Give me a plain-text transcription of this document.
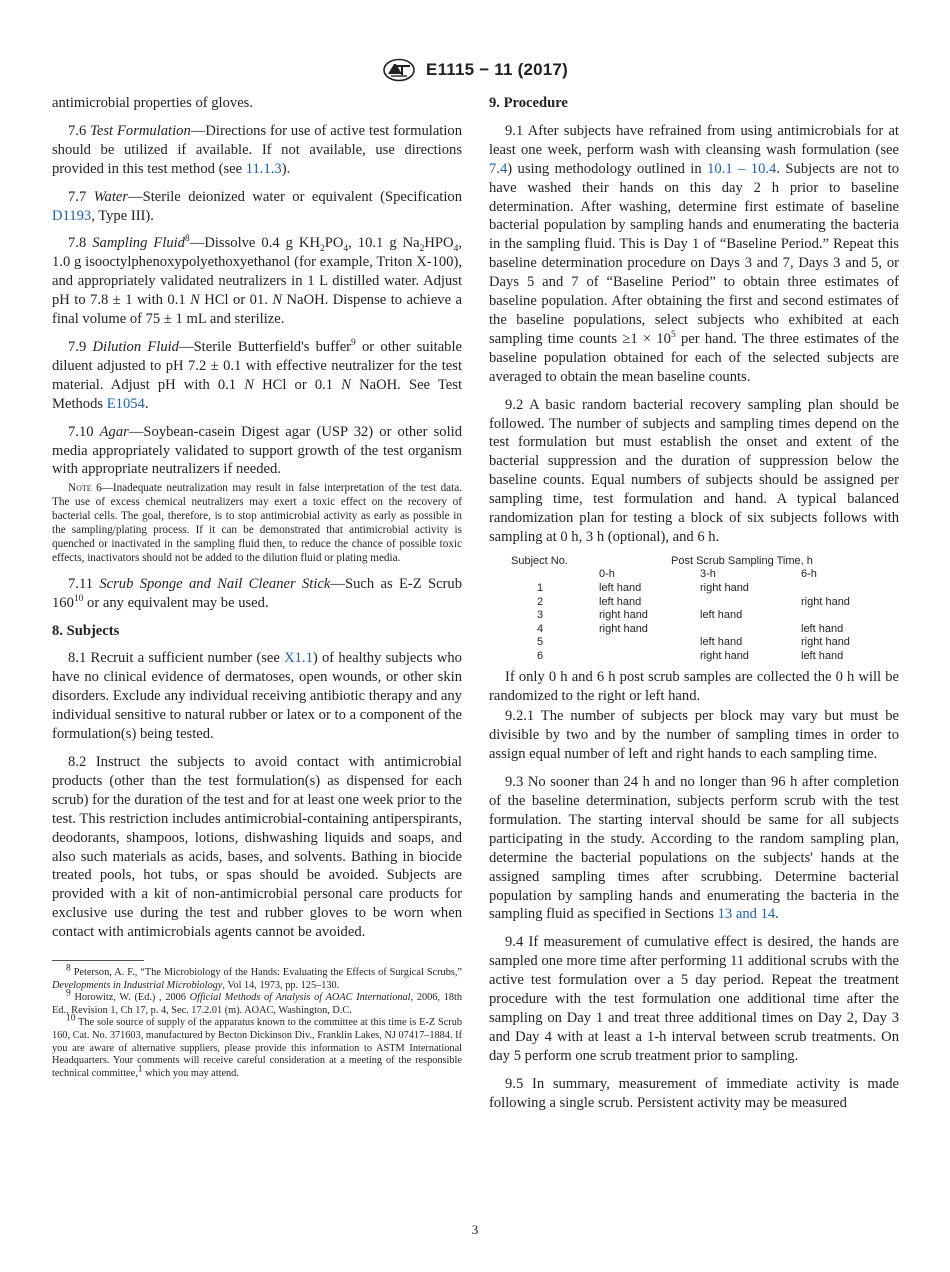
E1115 − 11 (2017)

antimicrobial properties of gloves.

7.6 Test Formulation—Directions for use of active test formulation should be utilized if available. If not available, use directions provided in this test method (see 11.1.3).

7.7 Water—Sterile deionized water or equivalent (Specification D1193, Type III).

7.8 Sampling Fluid$^8$—Dissolve 0.4 g $KH_2PO_4$, 10.1 g $Na_2HPO_4$, 1.0 g isooctylphenoxypolyethoxyethanol (for example, Triton X-100), and appropriately validated neutralizers in 1 L distilled water. Adjust pH to 7.8 ± 1 with 0.1 N HCl or 01. N NaOH. Dispense to achieve a final volume of 75 ± 1 mL and sterilize.

7.9 Dilution Fluid—Sterile Butterfield's buffer$^9$ or other suitable diluent adjusted to pH 7.2 ± 0.1 with effective neutralizer for the test material. Adjust pH with 0.1 N HCl or 0.1 N NaOH. See Test Methods E1054.

7.10 Agar—Soybean-casein Digest agar (USP 32) or other solid media appropriately validated to support growth of the test organism with appropriate neutralizers if needed.

Note 6—Inadequate neutralization may result in false interpretation of the test data. The use of excess chemical neutralizers may exert a toxic effect on the recovery of bacterial cells. The goal, therefore, is to stop antimicrobial activity as early as possible in the sampling/plating process. If it can be demonstrated that antimicrobial activity is quenched or inactivated in the sampling fluid then, to reduce the chance of possible toxic effects, inactivators should not be added to the dilution fluid or plating media.

7.11 Scrub Sponge and Nail Cleaner Stick—Such as E-Z Scrub $160^{10}$ or any equivalent may be used.

8. Subjects

8.1 Recruit a sufficient number (see X1.1) of healthy subjects who have no clinical evidence of dermatoses, open wounds, or other skin disorders. Exclude any individual receiving antibiotic therapy and any individual sensitive to natural rubber or latex or to a component of the formulation(s) being tested.

8.2 Instruct the subjects to avoid contact with antimicrobial products (other than the test formulation(s) as dispensed for each scrub) for the duration of the test and for at least one week prior to the test. This restriction includes antimicrobial-containing antiperspirants, deodorants, shampoos, lotions, dishwashing liquids and soaps, and also such materials as acids, bases, and solvents. Bathing in biocide treated pools, hot tubs, or spas should be avoided. Subjects are provided with a kit of non-antimicrobial personal care products for exclusive use during the test and rubber gloves to be worn when contact with antimicrobials agents cannot be avoided.

$^8$ Peterson, A. F., “The Microbiology of the Hands: Evaluating the Effects of Surgical Scrubs,” Developments in Industrial Microbiology, Vol 14, 1973, pp. 125–130.

$^9$ Horowitz, W. (Ed.) , 2006 Official Methods of Analysis of AOAC International, 2006, 18th Ed., Revision 1, Ch 17, p. 4, Sec. 17.2.01 (m). AOAC, Washington, D.C.

$^{10}$ The sole source of supply of the apparatus known to the committee at this time is E-Z Scrub 160, Cat. No. 371603, manufactured by Becton Dickinson Div., Franklin Lakes, NJ 07417–1884. If you are aware of alternative suppliers, please provide this information to ASTM International Headquarters. Your comments will receive careful consideration at a meeting of the responsible technical committee,$^1$ which you may attend.

9. Procedure

9.1 After subjects have refrained from using antimicrobials for at least one week, perform wash with cleansing wash formulation (see 7.4) using methodology outlined in 10.1 – 10.4. Subjects are not to have washed their hands on this day 2 h prior to baseline determination. After washing, determine first estimate of baseline bacterial population by sampling hands and enumerating the bacteria in the sampling fluid. This is Day 1 of “Baseline Period.” Repeat this baseline determination procedure on Days 3 and 7, Days 3 and 5, or Days 5 and 7 of “Baseline Period” to obtain three estimates of baseline population. After obtaining the first and second estimates of the baseline populations, select subjects who exhibited at each sampling time counts $\ge 1 \times 10^5$ per hand. The three estimates of the baseline population obtained for each of the selected subjects are averaged to obtain the mean baseline counts.

9.2 A basic random bacterial recovery sampling plan should be followed. The number of subjects and sampling times depend on the test formulation but must establish the onset and extent of the bacterial suppression and the duration of suppression below the baseline counts. Equal numbers of subjects should be assigned per sampling time, test formulation and hand. A typical balanced randomization plan for testing a block of six subjects follows with sampling at 0 h, 3 h (optional), and 6 h.

Subject No.	Post Scrub Sampling Time, h		
	0-h	3-h	6-h
1	left hand	right hand	
2	left hand		right hand
3	right hand	left hand	
4	right hand		left hand
5		left hand	right hand
6		right hand	left hand

If only 0 h and 6 h post scrub samples are collected the 0 h will be randomized to the right or left hand.

9.2.1 The number of subjects per block may vary but must be divisible by two and by the number of sampling times in order to assign equal number of left and right hands to each sampling time.

9.3 No sooner than 24 h and no longer than 96 h after completion of the baseline determination, subjects perform scrub with the test formulation. The starting interval should be same for all subjects participating in the study. According to the random sampling plan, determine the bacterial populations on the subjects' hands at the assigned sampling times after scrubbing. Determine bacterial population by sampling hands and enumerating the bacteria in the sampling fluid as specified in Sections 13 and 14.

9.4 If measurement of cumulative effect is desired, the hands are sampled one more time after performing 11 additional scrubs with the active test formulation over a 5 day period. Repeat the treatment procedure with the test formulation one additional time after the sampling on Day 1 and treat three additional times on Day 2, Day 3 and Day 4 with at least a 1-h interval between scrub treatments. On day 5 perform one scrub treatment prior to sampling.

9.5 In summary, measurement of immediate activity is made following a single scrub. Persistent activity may be measured

3
